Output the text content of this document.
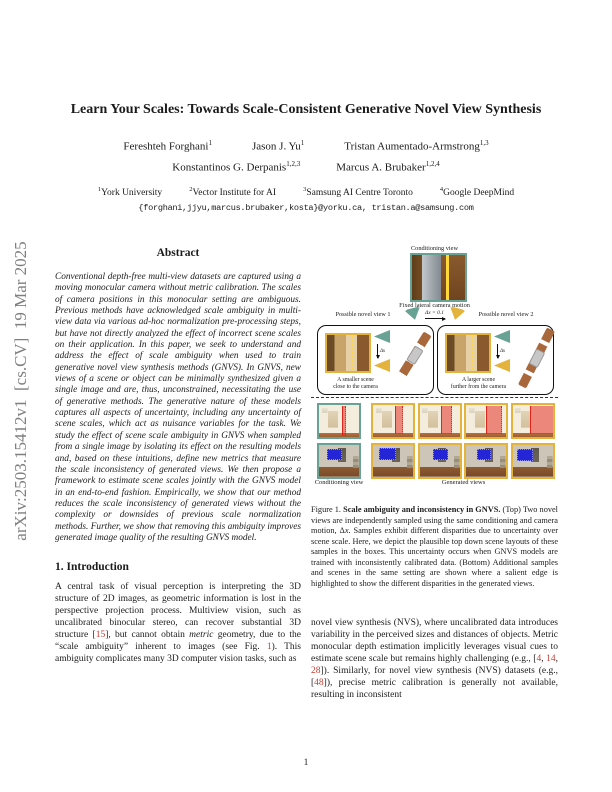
arXiv:2503.15412v1  [cs.CV]  19 Mar 2025
Learn Your Scales: Towards Scale-Consistent Generative Novel View Synthesis
Fereshteh Forghani$^1$	Jason J. Yu$^1$	Tristan Aumentado-Armstrong$^{1,3}$
Konstantinos G. Derpanis$^{1,2,3}$	Marcus A. Brubaker$^{1,2,4}$
$^1$York University	$^2$Vector Institute for AI	$^3$Samsung AI Centre Toronto	$^4$Google DeepMind
{forghani,jjyu,marcus.brubaker,kosta}@yorku.ca, tristan.a@samsung.com
Abstract

Conventional depth-free multi-view datasets are captured using a moving monocular camera without metric calibration. The scales of camera positions in this monocular setting are ambiguous. Previous methods have acknowledged scale ambiguity in multi-view data via various ad-hoc normalization pre-processing steps, but have not directly analyzed the effect of incorrect scene scales on their application. In this paper, we seek to understand and address the effect of scale ambiguity when used to train generative novel view synthesis methods (GNVS). In GNVS, new views of a scene or object can be minimally synthesized given a single image and are, thus, unconstrained, necessitating the use of generative methods. The generative nature of these models captures all aspects of uncertainty, including any uncertainty of scene scales, which act as nuisance variables for the task. We study the effect of scene scale ambiguity in GNVS when sampled from a single image by isolating its effect on the resulting models and, based on these intuitions, define new metrics that measure the scale inconsistency of generated views. We then propose a framework to estimate scene scales jointly with the GNVS model in an end-to-end fashion. Empirically, we show that our method reduces the scale inconsistency of generated views without the complexity or downsides of previous scale normalization methods. Further, we show that removing this ambiguity improves generated image quality of the resulting GNVS model.

1. Introduction

A central task of visual perception is interpreting the 3D structure of 2D images, as geometric information is lost in the perspective projection process. Multiview vision, such as uncalibrated binocular stereo, can recover substantial 3D structure [15], but cannot obtain metric geometry, due to the “scale ambiguity” inherent to images (see Fig. 1). This ambiguity complicates many 3D computer vision tasks, such as

Conditioning view
Fixed lateral camera motion
Possible novel view 1	Δx = 0.1	Possible novel view 2
Δx
A smaller scene
close to the camera
Δx
A larger scene
further from the camera
Conditioning view	Generated views
Figure 1. Scale ambiguity and inconsistency in GNVS. (Top) Two novel views are independently sampled using the same conditioning and camera motion, Δx. Samples exhibit different disparities due to uncertainty over scene scale. Here, we depict the plausible top down scene layouts of these samples in the boxes. This uncertainty occurs when GNVS models are trained with inconsistently calibrated data. (Bottom) Additional samples and scenes in the same setting are shown where a salient edge is highlighted to show the different disparities in the generated views.

novel view synthesis (NVS), where uncalibrated data introduces variability in the perceived sizes and distances of objects. Metric monocular depth estimation implicitly leverages visual cues to estimate scene scale but remains highly challenging (e.g., [4, 14, 28]). Similarly, for novel view synthesis (NVS) datasets (e.g., [48]), precise metric calibration is generally not available, resulting in inconsistent

1
